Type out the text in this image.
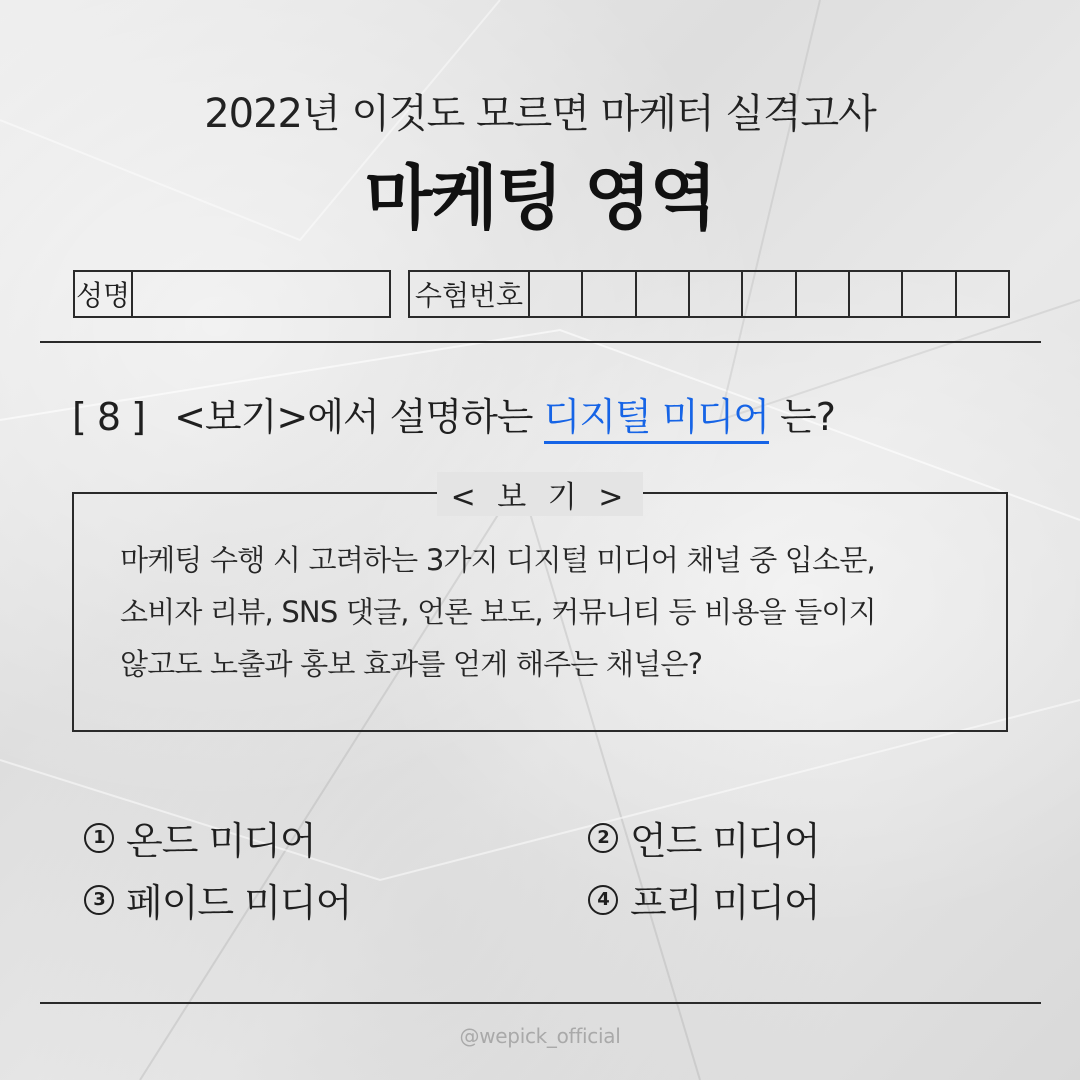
2022년 이것도 모르면 마케터 실격고사
마케팅 영역
성명	수험번호
[ 8 ] <보기>에서 설명하는 디지털 미디어 는?
< 보 기 >
마케팅 수행 시 고려하는 3가지 디지털 미디어 채널 중 입소문,
소비자 리뷰, SNS 댓글, 언론 보도, 커뮤니티 등 비용을 들이지
않고도 노출과 홍보 효과를 얻게 해주는 채널은?
1 온드 미디어	2 언드 미디어
3 페이드 미디어	4 프리 미디어
@wepick_official
